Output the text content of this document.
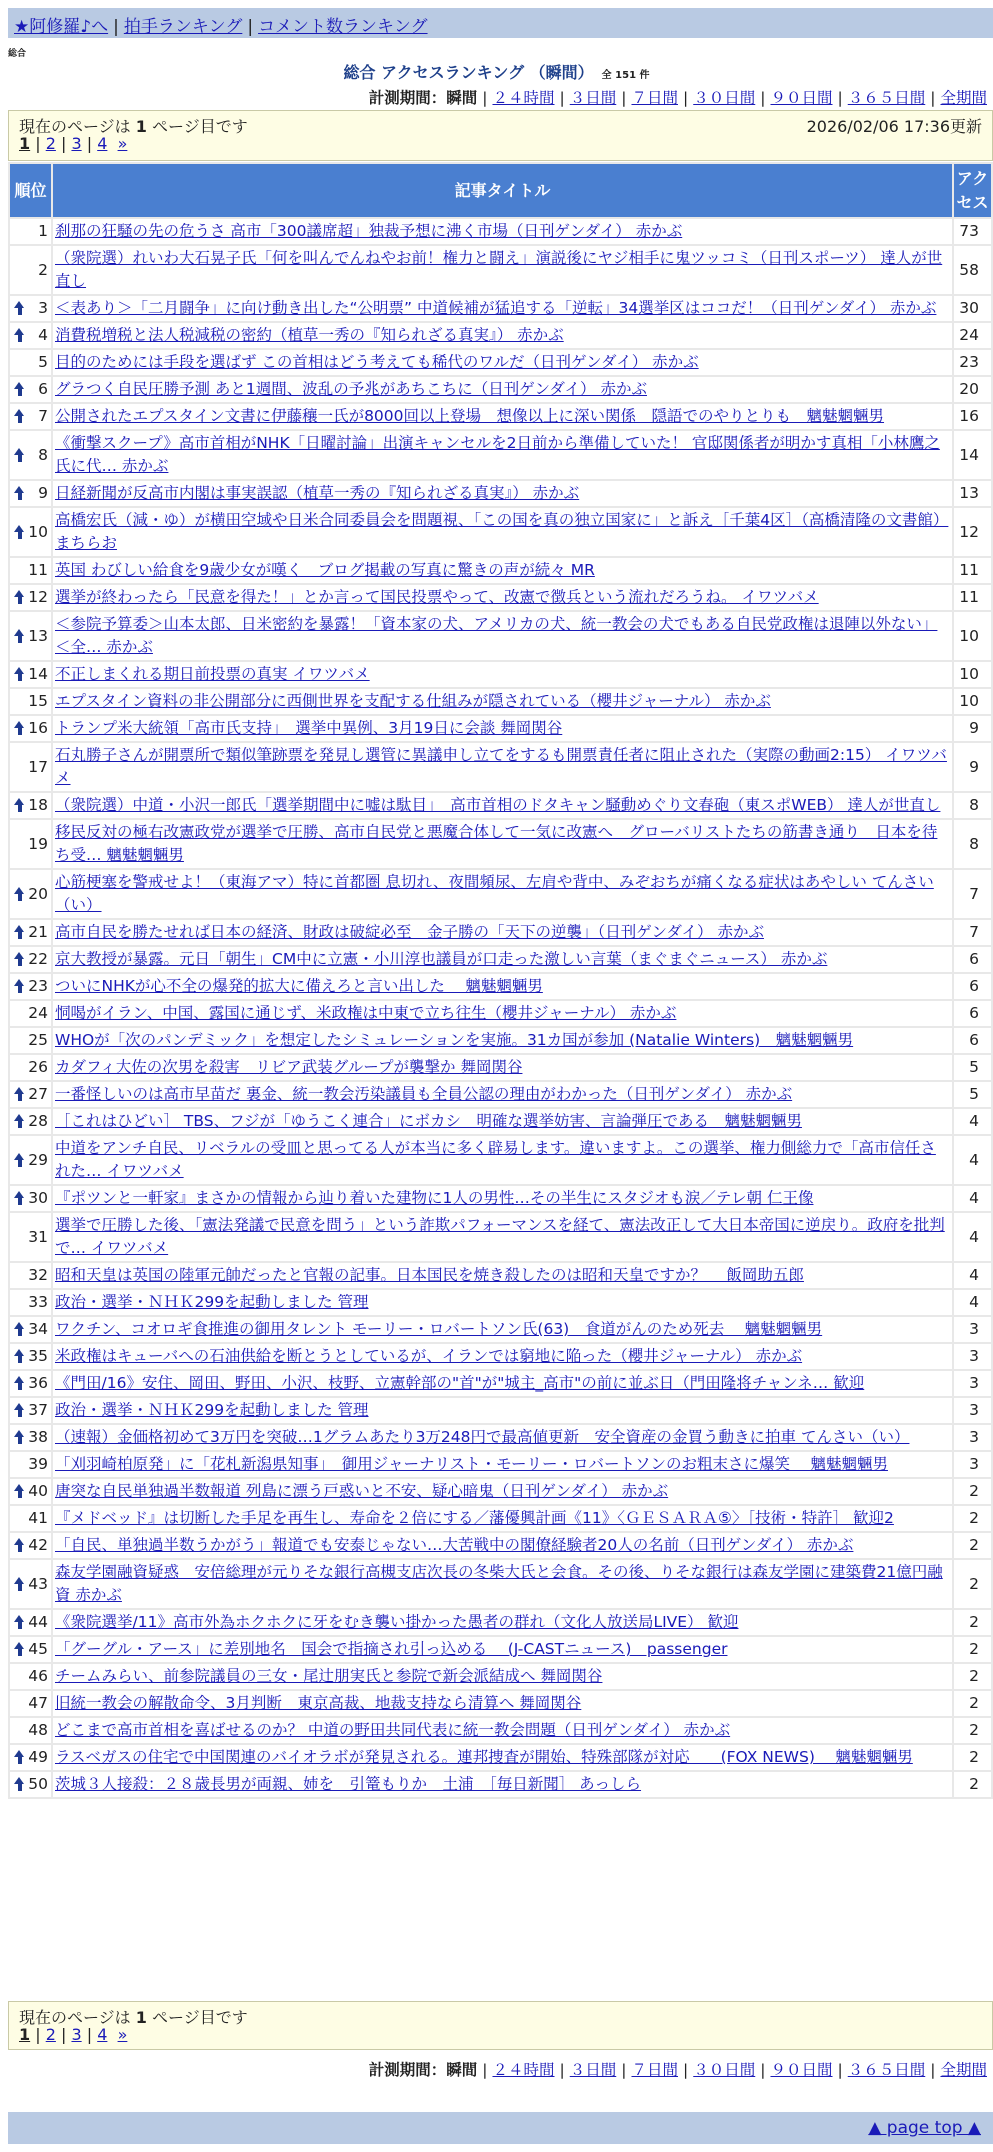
★阿修羅♪へ | 拍手ランキング | コメント数ランキング
総合
総合 アクセスランキング （瞬間） 全 151 件
計測期間：瞬間 | ２４時間 | ３日間 | ７日間 | ３０日間 | ９０日間 | ３６５日間 | 全期間
現在のページは 1 ページ目です	2026/02/06 17:36更新
1 | 2 | 3 | 4 »
順位	記事タイトル	アクセス
1	刹那の狂騒の先の危うさ 高市「300議席超」独裁予想に沸く市場（日刊ゲンダイ） 赤かぶ	73
2	（衆院選）れいわ大石晃子氏「何を叫んでんねやお前！権力と闘え」演説後にヤジ相手に鬼ツッコミ（日刊スポーツ） 達人が世直し	58

3	＜表あり＞「二月闘争」に向け動き出した“公明票” 中道候補が猛追する「逆転」34選挙区はココだ！（日刊ゲンダイ） 赤かぶ	30

4	消費税増税と法人税減税の密約（植草一秀の『知られざる真実』） 赤かぶ	24
5	目的のためには手段を選ばず この首相はどう考えても稀代のワルだ（日刊ゲンダイ） 赤かぶ	23

6	グラつく自民圧勝予測 あと1週間、波乱の予兆があちこちに（日刊ゲンダイ） 赤かぶ	20

7	公開されたエプスタイン文書に伊藤穰一氏が8000回以上登場　想像以上に深い関係　隠語でのやりとりも　魑魅魍魎男	16

8	《衝撃スクープ》高市首相がNHK「日曜討論」出演キャンセルを2日前から準備していた！ 官邸関係者が明かす真相「小林鷹之氏に代… 赤かぶ	14

9	日経新聞が反高市内閣は事実誤認（植草一秀の『知られざる真実』） 赤かぶ	13

10	高橋宏氏（減・ゆ）が横田空域や日米合同委員会を問題視、「この国を真の独立国家に」と訴え［千葉4区］（高橋清隆の文書館） まちらお	12
11	英国 わびしい給食を9歳少女が嘆く　ブログ掲載の写真に驚きの声が続々 MR	11

12	選挙が終わったら「民意を得た！」とか言って国民投票やって、改憲で徴兵という流れだろうね。 イワツバメ	11

13	＜参院予算委＞山本太郎、日米密約を暴露！「資本家の犬、アメリカの犬、統一教会の犬でもある自民党政権は退陣以外ない」＜全… 赤かぶ	10

14	不正しまくれる期日前投票の真実 イワツバメ	10
15	エプスタイン資料の非公開部分に西側世界を支配する仕組みが隠されている（櫻井ジャーナル） 赤かぶ	10

16	トランプ米大統領「高市氏支持」　選挙中異例、3月19日に会談 舞岡関谷	9
17	石丸勝子さんが開票所で類似筆跡票を発見し選管に異議申し立てをするも開票責任者に阻止された（実際の動画2:15） イワツバメ	9

18	（衆院選）中道・小沢一郎氏「選挙期間中に嘘は駄目」　高市首相のドタキャン騒動めぐり文春砲（東スポWEB） 達人が世直し	8
19	移民反対の極右改憲政党が選挙で圧勝、高市自民党と悪魔合体して一気に改憲へ　グローバリストたちの筋書き通り　日本を待ち受… 魑魅魍魎男	8

20	心筋梗塞を警戒せよ！（東海アマ）特に首都圏 息切れ、夜間頻尿、左肩や背中、みぞおちが痛くなる症状はあやしい てんさい（い）	7

21	高市自民を勝たせれば日本の経済、財政は破綻必至　金子勝の「天下の逆襲」（日刊ゲンダイ） 赤かぶ	7

22	京大教授が暴露。元日「朝生」CM中に立憲・小川淳也議員が口走った激しい言葉（まぐまぐニュース） 赤かぶ	6

23	ついにNHKが心不全の爆発的拡大に備えろと言い出した　 魑魅魍魎男	6
24	恫喝がイラン、中国、露国に通じず、米政権は中東で立ち往生（櫻井ジャーナル） 赤かぶ	6
25	WHOが「次のパンデミック」を想定したシミュレーションを実施。31カ国が参加 (Natalie Winters)　魑魅魍魎男	6
26	カダフィ大佐の次男を殺害　リビア武装グループが襲撃か 舞岡関谷	5

27	一番怪しいのは高市早苗だ 裏金、統一教会汚染議員も全員公認の理由がわかった（日刊ゲンダイ） 赤かぶ	5

28	［これはひどい］ TBS、フジが「ゆうこく連合」にボカシ　明確な選挙妨害、言論弾圧である　魑魅魍魎男	4

29	中道をアンチ自民、リベラルの受皿と思ってる人が本当に多く辟易します。違いますよ。この選挙、権力側総力で「高市信任された… イワツバメ	4

30	『ポツンと一軒家』まさかの情報から辿り着いた建物に1人の男性…その半生にスタジオも涙／テレ朝 仁王像	4
31	選挙で圧勝した後、「憲法発議で民意を問う」という詐欺パフォーマンスを経て、憲法改正して大日本帝国に逆戻り。政府を批判で… イワツバメ	4
32	昭和天皇は英国の陸軍元帥だったと官報の記事。日本国民を焼き殺したのは昭和天皇ですか？　 飯岡助五郎	4
33	政治・選挙・ＮＨＫ299を起動しました 管理	4

34	ワクチン、コオロギ食推進の御用タレント モーリー・ロバートソン氏(63)　食道がんのため死去　 魑魅魍魎男	3

35	米政権はキューバへの石油供給を断とうとしているが、イランでは窮地に陥った（櫻井ジャーナル） 赤かぶ	3

36	《門田/16》安住、岡田、野田、小沢、枝野、立憲幹部の"首"が"城主_高市"の前に並ぶ日（門田隆将チャンネ… 歓迎	3

37	政治・選挙・ＮＨＫ299を起動しました 管理	3

38	（速報）金価格初めて3万円を突破…1グラムあたり3万248円で最高値更新　安全資産の金買う動きに拍車 てんさい（い）	3
39	「刈羽崎柏原発」に「花札新潟県知事」　御用ジャーナリスト・モーリー・ロバートソンのお粗末さに爆笑　 魑魅魍魎男	3

40	唐突な自民単独過半数報道 列島に漂う戸惑いと不安、疑心暗鬼（日刊ゲンダイ） 赤かぶ	2
41	『メドベッド』は切断した手足を再生し、寿命を２倍にする／藩優興計画《11》〈ＧＥＳＡＲＡ⑤〉［技術・特許］ 歓迎2	2

42	「自民、単独過半数うかがう」報道でも安泰じゃない…大苦戦中の閣僚経験者20人の名前（日刊ゲンダイ） 赤かぶ	2

43	森友学園融資疑惑　安倍総理が元りそな銀行高槻支店次長の冬柴大氏と会食。その後、りそな銀行は森友学園に建築費21億円融資 赤かぶ	2

44	《衆院選挙/11》高市外為ホクホクに牙をむき襲い掛かった愚者の群れ（文化人放送局LIVE） 歓迎	2

45	「グーグル・アース」に差別地名　国会で指摘され引っ込める　 (J-CASTニュース)　passenger	2
46	チームみらい、前参院議員の三女・尾辻朋実氏と参院で新会派結成へ 舞岡関谷	2
47	旧統一教会の解散命令、3月判断　東京高裁、地裁支持なら清算へ 舞岡関谷	2
48	どこまで高市首相を喜ばせるのか？ 中道の野田共同代表に統一教会問題（日刊ゲンダイ） 赤かぶ	2

49	ラスベガスの住宅で中国関連のバイオラボが発見される。連邦捜査が開始、特殊部隊が対応　　(FOX NEWS)　 魑魅魍魎男	2

50	茨城３人接殺：２８歳長男が両親、姉を　引篭もりか　土浦　［毎日新聞］ あっしら	2
現在のページは 1 ページ目です
1 | 2 | 3 | 4 »
計測期間：瞬間 | ２４時間 | ３日間 | ７日間 | ３０日間 | ９０日間 | ３６５日間 | 全期間
▲ page top ▲
